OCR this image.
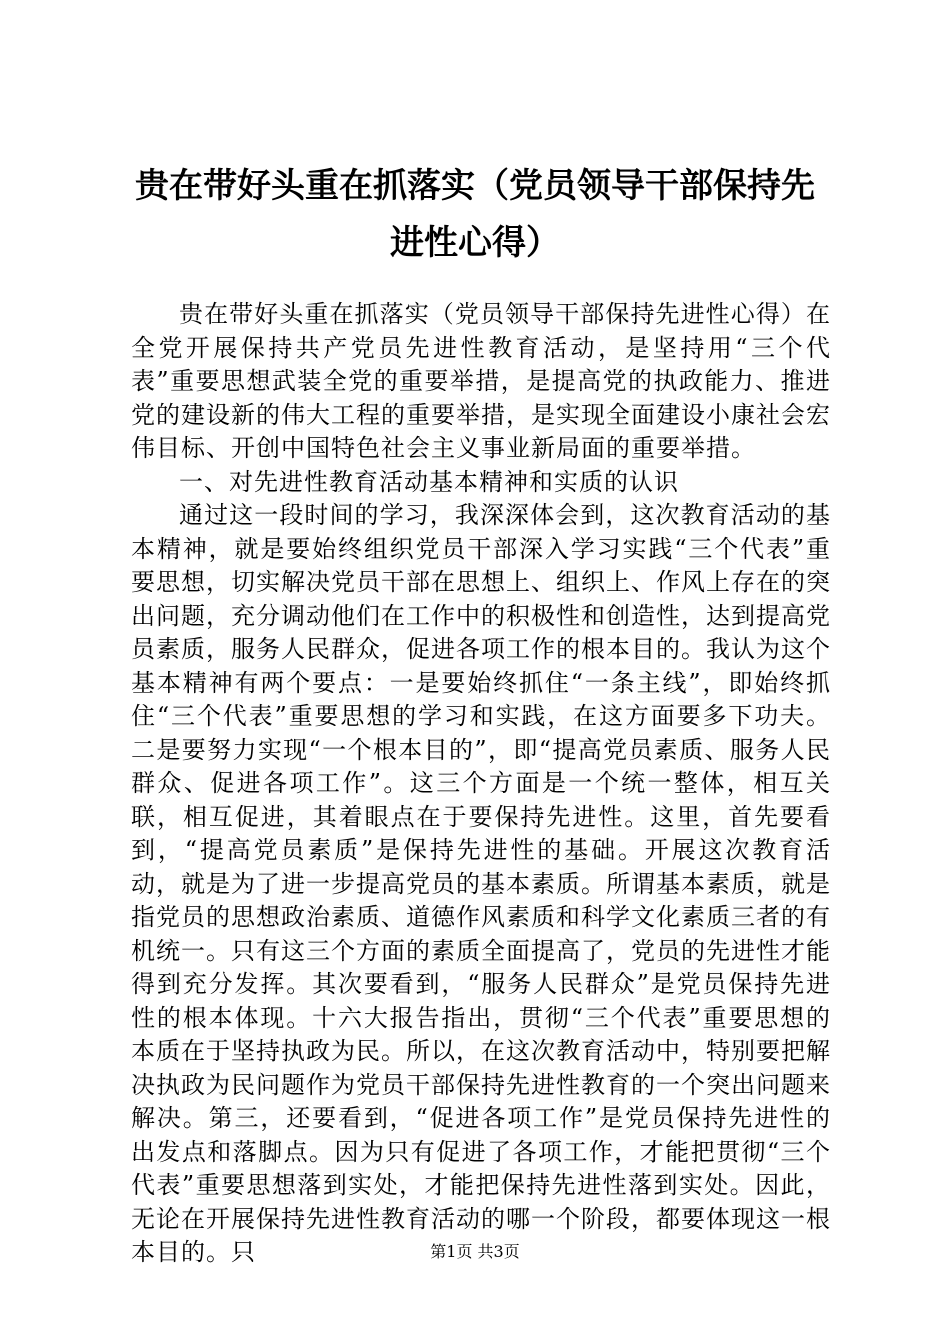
贵在带好头重在抓落实（党员领导干部保持先进性心得）

贵在带好头重在抓落实（党员领导干部保持先进性心得）在全党开展保持共产党员先进性教育活动，是坚持用“三个代表”重要思想武装全党的重要举措，是提高党的执政能力、推进党的建设新的伟大工程的重要举措，是实现全面建设小康社会宏伟目标、开创中国特色社会主义事业新局面的重要举措。

一、对先进性教育活动基本精神和实质的认识

通过这一段时间的学习，我深深体会到，这次教育活动的基本精神，就是要始终组织党员干部深入学习实践“三个代表”重要思想，切实解决党员干部在思想上、组织上、作风上存在的突出问题，充分调动他们在工作中的积极性和创造性，达到提高党员素质，服务人民群众，促进各项工作的根本目的。我认为这个基本精神有两个要点：一是要始终抓住“一条主线”，即始终抓住“三个代表”重要思想的学习和实践，在这方面要多下功夫。二是要努力实现“一个根本目的”，即“提高党员素质、服务人民群众、促进各项工作”。这三个方面是一个统一整体，相互关联，相互促进，其着眼点在于要保持先进性。这里，首先要看到，“提高党员素质”是保持先进性的基础。开展这次教育活动，就是为了进一步提高党员的基本素质。所谓基本素质，就是指党员的思想政治素质、道德作风素质和科学文化素质三者的有机统一。只有这三个方面的素质全面提高了，党员的先进性才能得到充分发挥。其次要看到，“服务人民群众”是党员保持先进性的根本体现。十六大报告指出，贯彻“三个代表”重要思想的本质在于坚持执政为民。所以，在这次教育活动中，特别要把解决执政为民问题作为党员干部保持先进性教育的一个突出问题来解决。第三，还要看到，“促进各项工作”是党员保持先进性的出发点和落脚点。因为只有促进了各项工作，才能把贯彻“三个代表”重要思想落到实处，才能把保持先进性落到实处。因此，无论在开展保持先进性教育活动的哪一个阶段，都要体现这一根本目的。只	第1页 共3页
